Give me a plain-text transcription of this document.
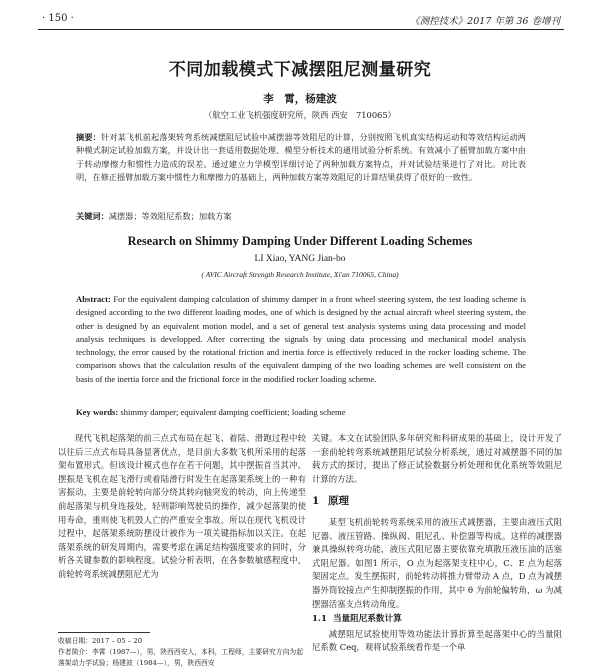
· 150 ·	《测控技术》2017 年第 36 卷增刊
不同加载模式下减摆阻尼测量研究
李　霄，杨建波
（航空工业飞机强度研究所，陕西 西安　710065）
摘要：针对某飞机前起落架转弯系统减摆阻尼试验中减摆器等效阻尼的计算，分别按照飞机真实结构运动和等效结构运动两种模式制定试验加载方案，并设计出一套适用数据处理、模型分析技术的通用试验分析系统。有效减小了摇臂加载方案中由于转动摩擦力和惯性力造成的误差。通过建立力学模型详细讨论了两种加载方案特点，并对试验结果进行了对比。对比表明，在修正摇臂加载方案中惯性力和摩擦力的基础上，两种加载方案等效阻尼的计算结果获得了很好的一致性。
关键词：减摆器；等效阻尼系数；加载方案
Research on Shimmy Damping Under Different Loading Schemes
LI Xiao, YANG Jian-bo
( AVIC Aircraft Strength Research Institute, Xi'an 710065, China)
Abstract: For the equivalent damping calculation of shimmy damper in a front wheel steering system, the test loading scheme is designed according to the two different loading modes, one of which is designed by the actual aircraft wheel steering system, the other is designed by an equivalent motion model, and a set of general test analysis systems using data processing and model analysis techniques is developped. After correcting the signals by using data processing and mechanical model analysis technology, the error caused by the rotational friction and inertia force is effectively reduced in the rocker loading scheme. The comparison shows that the calculation results of the equivalent damping of the two loading schemes are well consistent on the basis of the inertia force and the frictional force in the modified rocker loading scheme.
Key words: shimmy damper; equivalent damping coefficient; loading scheme

现代飞机起落架的前三点式布局在起飞、着陆、滑跑过程中较以往后三点式布局具备显著优点，是目前大多数飞机所采用的起落架布置形式。但该设计模式也存在若干问题，其中摆振首当其冲。摆振是飞机在起飞滑行或着陆滑行时发生在起落架系统上的一种有害振动，主要是前轮转向部分绕其转向轴突发的转动，向上传递至前起落架与机身连接处，轻则影响驾驶员的操作，减少起落架的使用寿命，重则使飞机毁人亡的严重安全事故。所以在现代飞机设计过程中，起落架系统防摆设计被作为一项关键指标加以关注。在起落架系统的研发周期内，需要考虑在满足结构强度要求的同时，分析各关键参数的影响程度。试验分析表明，在各参数敏感程度中，前轮转弯系统减摆阻尼尤为

关键。本文在试验团队多年研究和科研成果的基础上，设计开发了一套前轮转弯系统减摆阻尼试验分析系统，通过对减摆器不同的加载方式的探讨，提出了修正试验数据分析处理和优化系统等效阻尼计算的方法。

1 原理

某型飞机前轮转弯系统采用的液压式减摆器，主要由液压式阻尼器、液压管路、操纵阀、阻尼孔、补偿器等构成。这样的减摆器兼具操纵转弯功能，液压式阻尼器主要依靠充填散压液压油的活塞式阻尼器。如图1 所示，O 点为起落架支柱中心，C、E 点为起落架固定点。发生摆振时，前轮转动将推力臂带动 A 点，D 点为减摆器外筒铰接点产生抑制摆振的作用，其中 θ 为前轮偏转角，ω 为减摆器活塞支点转动角度。

1.1 当量阻尼系数计算

减摆阻尼试验使用等效功能法计算折算至起落架中心的当量阻尼系数 Ceq，观将试验系统看作是一个单

收稿日期：2017 – 05 – 20
作者简介：李霄（1987—），男，陕西西安人，本科，工程师，主要研究方向为起落架动力学试验；杨建波（1984—），男，陕西西安
